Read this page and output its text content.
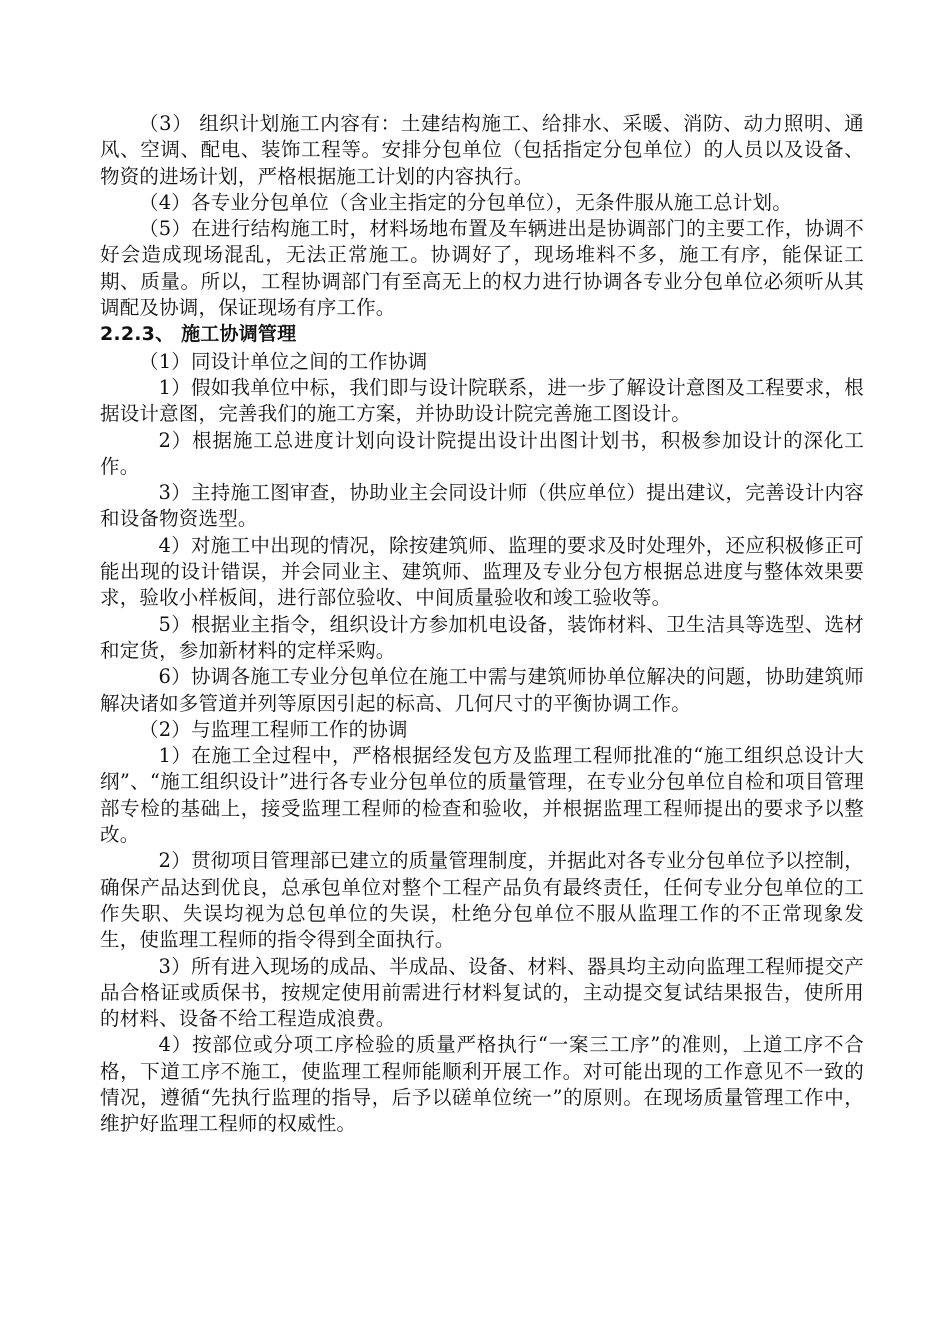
（3） 组织计划施工内容有：土建结构施工、给排水、采暖、消防、动力照明、通风、空调、配电、装饰工程等。安排分包单位（包括指定分包单位）的人员以及设备、物资的进场计划，严格根据施工计划的内容执行。

（4）各专业分包单位（含业主指定的分包单位），无条件服从施工总计划。

（5）在进行结构施工时，材料场地布置及车辆进出是协调部门的主要工作，协调不好会造成现场混乱，无法正常施工。协调好了，现场堆料不多，施工有序，能保证工期、质量。所以，工程协调部门有至高无上的权力进行协调各专业分包单位必须听从其调配及协调，保证现场有序工作。

2.2.3、 施工协调管理

（1）同设计单位之间的工作协调

1）假如我单位中标，我们即与设计院联系，进一步了解设计意图及工程要求，根据设计意图，完善我们的施工方案，并协助设计院完善施工图设计。

2）根据施工总进度计划向设计院提出设计出图计划书，积极参加设计的深化工作。

3）主持施工图审查，协助业主会同设计师（供应单位）提出建议，完善设计内容和设备物资选型。

4）对施工中出现的情况，除按建筑师、监理的要求及时处理外，还应积极修正可能出现的设计错误，并会同业主、建筑师、监理及专业分包方根据总进度与整体效果要求，验收小样板间，进行部位验收、中间质量验收和竣工验收等。

5）根据业主指令，组织设计方参加机电设备，装饰材料、卫生洁具等选型、选材和定货，参加新材料的定样采购。

6）协调各施工专业分包单位在施工中需与建筑师协单位解决的问题，协助建筑师解决诸如多管道并列等原因引起的标高、几何尺寸的平衡协调工作。

（2）与监理工程师工作的协调

1）在施工全过程中，严格根据经发包方及监理工程师批准的“施工组织总设计大纲”、“施工组织设计”进行各专业分包单位的质量管理，在专业分包单位自检和项目管理部专检的基础上，接受监理工程师的检查和验收，并根据监理工程师提出的要求予以整改。

2）贯彻项目管理部已建立的质量管理制度，并据此对各专业分包单位予以控制，确保产品达到优良，总承包单位对整个工程产品负有最终责任，任何专业分包单位的工作失职、失误均视为总包单位的失误，杜绝分包单位不服从监理工作的不正常现象发生，使监理工程师的指令得到全面执行。

3）所有进入现场的成品、半成品、设备、材料、器具均主动向监理工程师提交产品合格证或质保书，按规定使用前需进行材料复试的，主动提交复试结果报告，使所用的材料、设备不给工程造成浪费。

4）按部位或分项工序检验的质量严格执行“一案三工序”的准则，上道工序不合格，下道工序不施工，使监理工程师能顺利开展工作。对可能出现的工作意见不一致的情况，遵循“先执行监理的指导，后予以磋单位统一”的原则。在现场质量管理工作中，维护好监理工程师的权威性。
